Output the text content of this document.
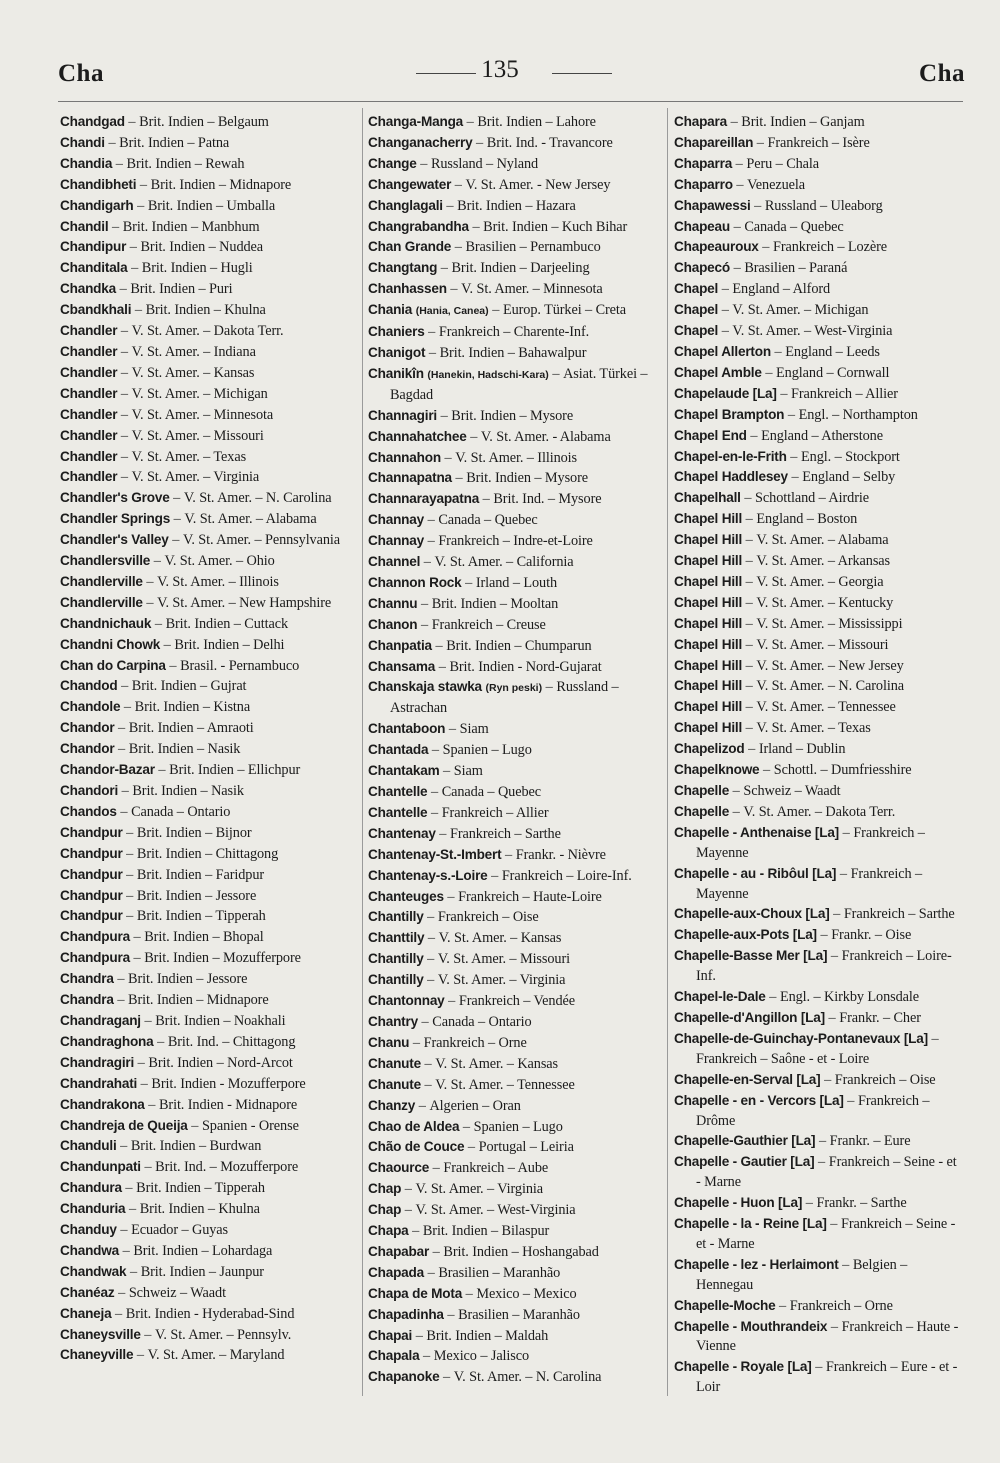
Cha	135	Cha
Chandgad – Brit. Indien – Belgaum
Chandi – Brit. Indien – Patna
Chandia – Brit. Indien – Rewah
Chandibheti – Brit. Indien – Midnapore
Chandigarh – Brit. Indien – Umballa
Chandil – Brit. Indien – Manbhum
Chandipur – Brit. Indien – Nuddea
Chanditala – Brit. Indien – Hugli
Chandka – Brit. Indien – Puri
Cbandkhali – Brit. Indien – Khulna
Chandler – V. St. Amer. – Dakota Terr.
Chandler – V. St. Amer. – Indiana
Chandler – V. St. Amer. – Kansas
Chandler – V. St. Amer. – Michigan
Chandler – V. St. Amer. – Minnesota
Chandler – V. St. Amer. – Missouri
Chandler – V. St. Amer. – Texas
Chandler – V. St. Amer. – Virginia
Chandler's Grove – V. St. Amer. – N. Carolina
Chandler Springs – V. St. Amer. – Alabama
Chandler's Valley – V. St. Amer. – Pennsylvania
Chandlersville – V. St. Amer. – Ohio
Chandlerville – V. St. Amer. – Illinois
Chandlerville – V. St. Amer. – New Hampshire
Chandnichauk – Brit. Indien – Cuttack
Chandni Chowk – Brit. Indien – Delhi
Chan do Carpina – Brasil. - Pernambuco
Chandod – Brit. Indien – Gujrat
Chandole – Brit. Indien – Kistna
Chandor – Brit. Indien – Amraoti
Chandor – Brit. Indien – Nasik
Chandor-Bazar – Brit. Indien – Ellichpur
Chandori – Brit. Indien – Nasik
Chandos – Canada – Ontario
Chandpur – Brit. Indien – Bijnor
Chandpur – Brit. Indien – Chittagong
Chandpur – Brit. Indien – Faridpur
Chandpur – Brit. Indien – Jessore
Chandpur – Brit. Indien – Tipperah
Chandpura – Brit. Indien – Bhopal
Chandpura – Brit. Indien – Mozufferpore
Chandra – Brit. Indien – Jessore
Chandra – Brit. Indien – Midnapore
Chandraganj – Brit. Indien – Noakhali
Chandraghona – Brit. Ind. – Chittagong
Chandragiri – Brit. Indien – Nord-Arcot
Chandrahati – Brit. Indien - Mozufferpore
Chandrakona – Brit. Indien - Midnapore
Chandreja de Queija – Spanien - Orense
Chanduli – Brit. Indien – Burdwan
Chandunpati – Brit. Ind. – Mozufferpore
Chandura – Brit. Indien – Tipperah
Chanduria – Brit. Indien – Khulna
Chanduy – Ecuador – Guyas
Chandwa – Brit. Indien – Lohardaga
Chandwak – Brit. Indien – Jaunpur
Chanéaz – Schweiz – Waadt
Chaneja – Brit. Indien - Hyderabad-Sind
Chaneysville – V. St. Amer. – Pennsylv.
Chaneyville – V. St. Amer. – Maryland
Changa-Manga – Brit. Indien – Lahore
Changanacherry – Brit. Ind. - Travancore
Change – Russland – Nyland
Changewater – V. St. Amer. - New Jersey
Changlagali – Brit. Indien – Hazara
Changrabandha – Brit. Indien – Kuch Bihar
Chan Grande – Brasilien – Pernambuco
Changtang – Brit. Indien – Darjeeling
Chanhassen – V. St. Amer. – Minnesota
Chania (Hania, Canea) – Europ. Türkei – Creta
Chaniers – Frankreich – Charente-Inf.
Chanigot – Brit. Indien – Bahawalpur
Chanikîn (Hanekin, Hadschi-Kara) – Asiat. Türkei – Bagdad
Channagiri – Brit. Indien – Mysore
Channahatchee – V. St. Amer. - Alabama
Channahon – V. St. Amer. – Illinois
Channapatna – Brit. Indien – Mysore
Channarayapatna – Brit. Ind. – Mysore
Channay – Canada – Quebec
Channay – Frankreich – Indre-et-Loire
Channel – V. St. Amer. – California
Channon Rock – Irland – Louth
Channu – Brit. Indien – Mooltan
Chanon – Frankreich – Creuse
Chanpatia – Brit. Indien – Chumparun
Chansama – Brit. Indien - Nord-Gujarat
Chanskaja stawka (Ryn peski) – Russland – Astrachan
Chantaboon – Siam
Chantada – Spanien – Lugo
Chantakam – Siam
Chantelle – Canada – Quebec
Chantelle – Frankreich – Allier
Chantenay – Frankreich – Sarthe
Chantenay-St.-Imbert – Frankr. - Nièvre
Chantenay-s.-Loire – Frankreich – Loire-Inf.
Chanteuges – Frankreich – Haute-Loire
Chantilly – Frankreich – Oise
Chanttily – V. St. Amer. – Kansas
Chantilly – V. St. Amer. – Missouri
Chantilly – V. St. Amer. – Virginia
Chantonnay – Frankreich – Vendée
Chantry – Canada – Ontario
Chanu – Frankreich – Orne
Chanute – V. St. Amer. – Kansas
Chanute – V. St. Amer. – Tennessee
Chanzy – Algerien – Oran
Chao de Aldea – Spanien – Lugo
Chão de Couce – Portugal – Leiria
Chaource – Frankreich – Aube
Chap – V. St. Amer. – Virginia
Chap – V. St. Amer. – West-Virginia
Chapa – Brit. Indien – Bilaspur
Chapabar – Brit. Indien – Hoshangabad
Chapada – Brasilien – Maranhão
Chapa de Mota – Mexico – Mexico
Chapadinha – Brasilien – Maranhão
Chapai – Brit. Indien – Maldah
Chapala – Mexico – Jalisco
Chapanoke – V. St. Amer. – N. Carolina
Chapara – Brit. Indien – Ganjam
Chapareillan – Frankreich – Isère
Chaparra – Peru – Chala
Chaparro – Venezuela
Chapawessi – Russland – Uleaborg
Chapeau – Canada – Quebec
Chapeauroux – Frankreich – Lozère
Chapecó – Brasilien – Paraná
Chapel – England – Alford
Chapel – V. St. Amer. – Michigan
Chapel – V. St. Amer. – West-Virginia
Chapel Allerton – England – Leeds
Chapel Amble – England – Cornwall
Chapelaude [La] – Frankreich – Allier
Chapel Brampton – Engl. – Northampton
Chapel End – England – Atherstone
Chapel-en-le-Frith – Engl. – Stockport
Chapel Haddlesey – England – Selby
Chapelhall – Schottland – Airdrie
Chapel Hill – England – Boston
Chapel Hill – V. St. Amer. – Alabama
Chapel Hill – V. St. Amer. – Arkansas
Chapel Hill – V. St. Amer. – Georgia
Chapel Hill – V. St. Amer. – Kentucky
Chapel Hill – V. St. Amer. – Mississippi
Chapel Hill – V. St. Amer. – Missouri
Chapel Hill – V. St. Amer. – New Jersey
Chapel Hill – V. St. Amer. – N. Carolina
Chapel Hill – V. St. Amer. – Tennessee
Chapel Hill – V. St. Amer. – Texas
Chapelizod – Irland – Dublin
Chapelknowe – Schottl. – Dumfriesshire
Chapelle – Schweiz – Waadt
Chapelle – V. St. Amer. – Dakota Terr.
Chapelle - Anthenaise [La] – Frankreich – Mayenne
Chapelle - au - Ribôul [La] – Frankreich – Mayenne
Chapelle-aux-Choux [La] – Frankreich – Sarthe
Chapelle-aux-Pots [La] – Frankr. – Oise
Chapelle-Basse Mer [La] – Frankreich – Loire-Inf.
Chapel-le-Dale – Engl. – Kirkby Lonsdale
Chapelle-d'Angillon [La] – Frankr. – Cher
Chapelle-de-Guinchay-Pontanevaux [La] – Frankreich – Saône - et - Loire
Chapelle-en-Serval [La] – Frankreich – Oise
Chapelle - en - Vercors [La] – Frankreich – Drôme
Chapelle-Gauthier [La] – Frankr. – Eure
Chapelle - Gautier [La] – Frankreich – Seine - et - Marne
Chapelle - Huon [La] – Frankr. – Sarthe
Chapelle - la - Reine [La] – Frankreich – Seine - et - Marne
Chapelle - lez - Herlaimont – Belgien – Hennegau
Chapelle-Moche – Frankreich – Orne
Chapelle - Mouthrandeix – Frankreich – Haute - Vienne
Chapelle - Royale [La] – Frankreich – Eure - et - Loir
